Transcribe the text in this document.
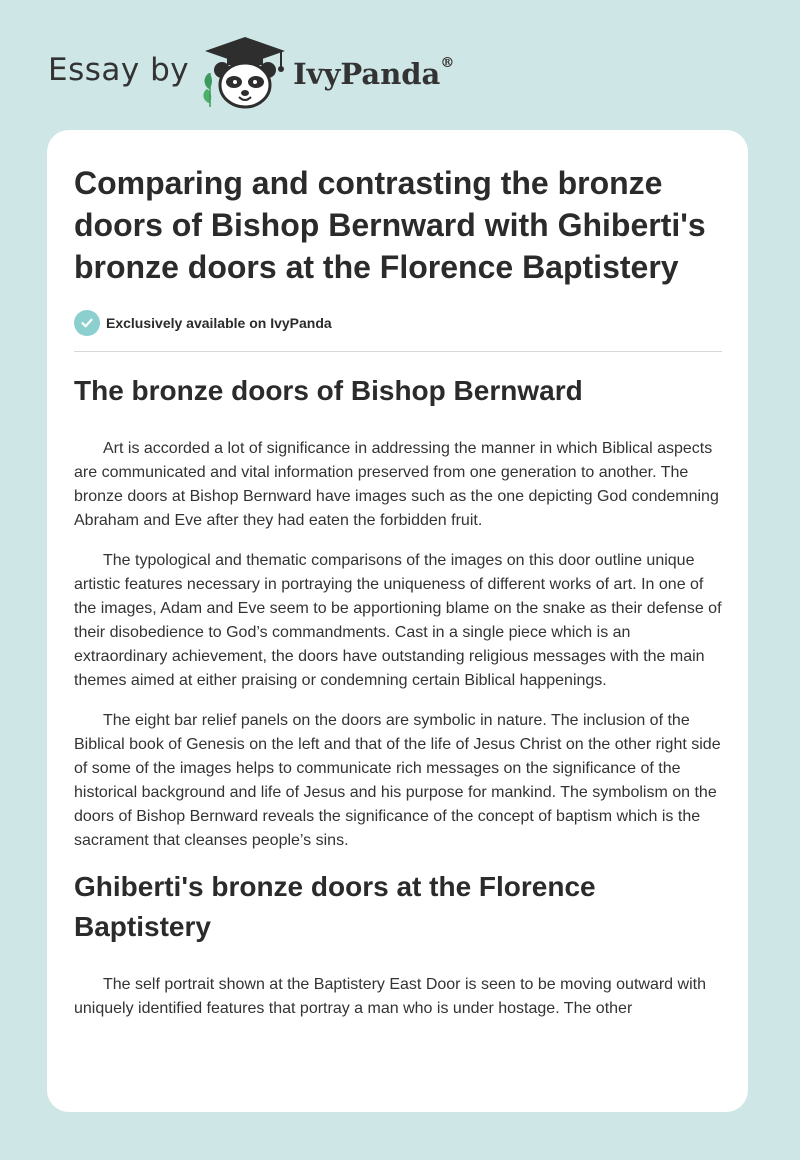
Essay by	IvyPanda®
Comparing and contrasting the bronze doors of Bishop Bernward with Ghiberti's bronze doors at the Florence Baptistery
Exclusively available on IvyPanda
The bronze doors of Bishop Bernward

Art is accorded a lot of significance in addressing the manner in which Biblical aspects are communicated and vital information preserved from one generation to another. The bronze doors at Bishop Bernward have images such as the one depicting God condemning Abraham and Eve after they had eaten the forbidden fruit.

The typological and thematic comparisons of the images on this door outline unique artistic features necessary in portraying the uniqueness of different works of art. In one of the images, Adam and Eve seem to be apportioning blame on the snake as their defense of their disobedience to God’s commandments. Cast in a single piece which is an extraordinary achievement, the doors have outstanding religious messages with the main themes aimed at either praising or condemning certain Biblical happenings.

The eight bar relief panels on the doors are symbolic in nature. The inclusion of the Biblical book of Genesis on the left and that of the life of Jesus Christ on the other right side of some of the images helps to communicate rich messages on the significance of the historical background and life of Jesus and his purpose for mankind. The symbolism on the doors of Bishop Bernward reveals the significance of the concept of baptism which is the sacrament that cleanses people’s sins.

Ghiberti's bronze doors at the Florence Baptistery

The self portrait shown at the Baptistery East Door is seen to be moving outward with uniquely identified features that portray a man who is under hostage. The other
